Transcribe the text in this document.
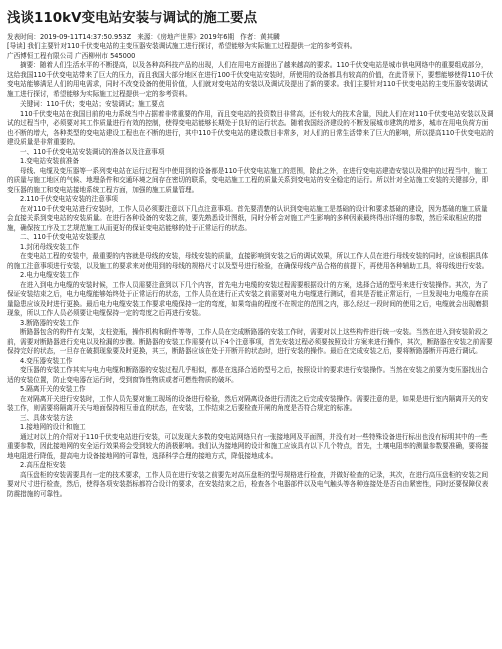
浅谈110kV变电站安装与调试的施工要点
发表时间：2019-09-11T14:37:50.953Z 来源：《房地产世界》2019年6期 作者：黄其麟

[导读] 我们主要针对110千伏变电站的主变压器安装调试施工进行探讨，希望能够为实际施工过程提供一定的参考资料。

广西博恒工程有限公司 广西柳州市 545000

摘要：随着人们生活水平的不断提高，以及各种高科技产品的出现，人们在用电方面提出了越来越高的要求。110千伏变电站是城市供电网络中的重要组成部分，这给我国110千伏变电站带来了巨大的压力，而且我国大部分地区在进行100千伏变电站安装时，所使用的设备都具有较高的价值，在此背景下，要想能够使得110千伏变电站能够满足人们的用电需求，同时不改变设备的使用价值，人们就对变电站的安装以及调试及提出了新的要求。我们主要针对110千伏变电站的主变压器安装调试施工进行探讨，希望能够为实际施工过程提供一定的参考资料。

关键词：110千伏；变电站；安装调试；施工要点

110千伏变电站在我国目前的电力系统当中占据着非常重要的作用，而且变电站的投资数目非常高，还有较大的技术含量，因此人们在对110千伏变电站安装以及调试的过程当中，必须要对其工作质量进行有效的控制，使得变电站能够长期处于良好的运行状态。随着我国经济建设的不断发展城市建筑的增多，城市在用电负荷方面也不断的增大，各种类型的变电站建设工程也在不断的进行，其中110千伏变电站的建设数目非常多，对人们的日常生活带来了巨大的影响，所以提高110千伏变电站的建设质量是非常重要的。

一、110千伏变电站安装调试的准备以及注意事项

1.变电站安装前准备

母线、电缆及变压器等一系列变电站在运行过程当中使用到的设备都是110千伏变电站施工的范围，除此之外，在进行变电站建造安装以及维护的过程当中，施工的质量与施工地区的气候、地理条件和交通环境之间存在密切的联系，变电站施工工程的质量关系到变电站的安全稳定的运行。所以针对全站施工安装的关键部分，即变压器的施工和变电站接地系统工程方面，加强的施工质量管理。

2.110千伏变电站安装的注意事项

在对110千伏变电站进行安装时，工作人员必须要注意以下几点注意事项。首先要清楚的认识到变电站施工是基础的设计和要求基础的建设，因为基础的施工质量会直接关系到变电站的安装质量。在进行各种设备的安装之前，要先熟悉设计图纸，同时分析会对施工产生影响的多种因素最终得出详细的参数，然后采取相应的措施，确保按工序及工艺规范施工从而更好的保证变电站能够的处于正常运行的状态。

二、110千伏变电站安装要点

1.封闭母线安装工作

在变电站工程的安装中，最重要的内容就是母线的安装，母线安装的质量，直接影响到安装之后的调试效果，所以工作人员在进行母线安装的同时，应该根据具体的施工注意事项进行安装，以及施工的要求来对使用到的母线的规格尺寸以及型号进行检验，在确保母线产品合格的前提下，再使用各种辅助工具，将母线进行安装。

2.电力电缆安装工作

在进入到电力电缆的安装时候，工作人员需要注意到以下几个内容，首先电力电缆的安装过程需要根据设计的方案，选择合适的型号来进行安装操作。其次，为了保证安装结束之后，电力电缆能够始终处于正常运行的状态，工作人员在进行正式安装之前需要对电力电缆进行测试，看其是否能正常运行，一旦发现电力电缆存在质量隐患应该及时进行更换。最后电力电缆安装工作要求电缆保持一定的弯度，如果弯曲的程度不在规定的范围之内，那么经过一段时间的使用之后，电缆就会出现磨损现象，所以工作人员必须要让电缆保持一定的弯度之后再进行安装。

3.断路器的安装工作

断路器包含的构件有支架，支柱瓷瓶，操作机构和附件等等，工作人员在完成断路器的安装工作时，需要对以上这些构件进行统一安装。当然在进入到安装阶段之前，需要对断路器进行充电以及检漏的步骤。断路器的安装工作需要有以下4个注意事项，首先安装过程必须要按照设计方案来进行操作，其次，断路器在安装之前需要保持完好的状态，一旦存在破损现象要及时更换，其三，断路器应该在处于开断开的状态时，进行安装的操作。最后在完成安装之后，要将断路器断开再进行调试。

4.变压器安装工作

变压器的安装工作其实与电力电缆和断路器的安装过程几乎相似，都是在选择合适的型号之后，按照设计的要求进行安装操作。当然在安装之前要为变压器找出合适的安装位置，防止变电器在运行时，受到窗饰性物质或者可燃性物质的破坏。

5.隔离开关的安装工作

在对隔离开关进行安装时，工作人员先要对施工现场的设备进行检验，然后对隔离设备进行清洗之后完成安装操作。需要注意的是，如果是进行室内隔离开关的安装工作，则需要将隔离开关与地面保持相互垂直的状态，在安装，工作结束之后要检查开闸的角度是否符合规定的标准。

三、具体安装方法

1.接地网的设计和施工

通过对以上的介绍对于110千伏变电站进行安装，可以发现大多数的变电站网络只有一张接地网及平面图，并没有对一些特殊设备进行标出也没有标明其中的一些重要参数，因此接地网的安全运行效果将会受到较大的消极影响。我们认为接地网的设计和施工应该具有以下几个特点，首先，土壤电阻率的测量参数要准确，要将接地电阻进行降低，提高电力设备接地网的可靠性，选择科学合理的接地方式，降低接地成本。

2.高压盘柜安装

高压盘柜的安装需要具有一定的技术要求，工作人员在进行安装之前要先对高压盘柜的型号规格进行检查，并做好检查的记录，其次，在进行高压盘柜的安装之间要对尺寸进行检查，然后，使得各项安装指标都符合设计的要求，在安装结束之后，检查各个电器部件以及电气触头等各种连接处是否自由紧密性，同时还要保障仪表防震措施的可靠性。
